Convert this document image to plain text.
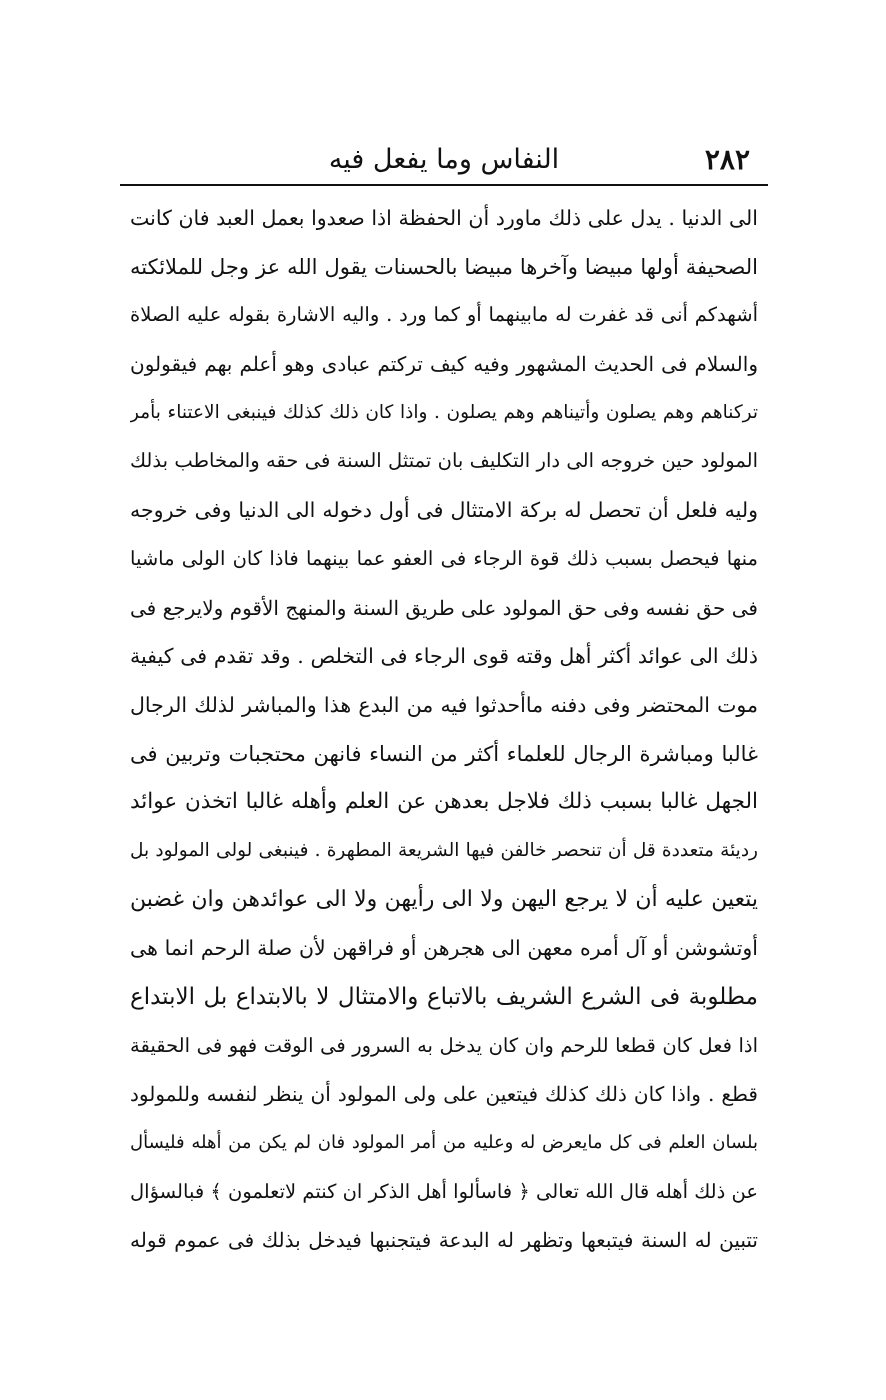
٢٨٢
النفاس وما يفعل فيه
الى الدنيا . يدل على ذلك ماورد أن الحفظة اذا صعدوا بعمل العبد فان كانت
الصحيفة أولها مبيضا وآخرها مبيضا بالحسنات يقول الله عز وجل للملائكته
أشهدكم أنى قد غفرت له مابينهما أو كما ورد . واليه الاشارة بقوله عليه الصلاة
والسلام فى الحديث المشهور وفيه كيف تركتم عبادى وهو أعلم بهم فيقولون
تركناهم وهم يصلون وأتيناهم وهم يصلون . واذا كان ذلك كذلك فينبغى الاعتناء بأمر
المولود حين خروجه الى دار التكليف بان تمتثل السنة فى حقه والمخاطب بذلك
وليه فلعل أن تحصل له بركة الامتثال فى أول دخوله الى الدنيا وفى خروجه
منها فيحصل بسبب ذلك قوة الرجاء فى العفو عما بينهما فاذا كان الولى ماشيا
فى حق نفسه وفى حق المولود على طريق السنة والمنهج الأقوم ولايرجع فى
ذلك الى عوائد أكثر أهل وقته قوى الرجاء فى التخلص . وقد تقدم فى كيفية
موت المحتضر وفى دفنه ماأحدثوا فيه من البدع هذا والمباشر لذلك الرجال
غالبا ومباشرة الرجال للعلماء أكثر من النساء فانهن محتجبات وتربين فى
الجهل غالبا بسبب ذلك فلاجل بعدهن عن العلم وأهله غالبا اتخذن عوائد
رديئة متعددة قل أن تنحصر خالفن فيها الشريعة المطهرة . فينبغى لولى المولود بل
يتعين عليه أن لا يرجع اليهن ولا الى رأيهن ولا الى عوائدهن وان غضبن
أوتشوشن أو آل أمره معهن الى هجرهن أو فراقهن لأن صلة الرحم انما هى
مطلوبة فى الشرع الشريف بالاتباع والامتثال لا بالابتداع بل الابتداع
اذا فعل كان قطعا للرحم وان كان يدخل به السرور فى الوقت فهو فى الحقيقة
قطع . واذا كان ذلك كذلك فيتعين على ولى المولود أن ينظر لنفسه وللمولود
بلسان العلم فى كل مايعرض له وعليه من أمر المولود فان لم يكن من أهله فليسأل
عن ذلك أهله قال الله تعالى ﴿ فاسألوا أهل الذكر ان كنتم لاتعلمون ﴾ فبالسؤال
تتبين له السنة فيتبعها وتظهر له البدعة فيتجنبها فيدخل بذلك فى عموم قوله
